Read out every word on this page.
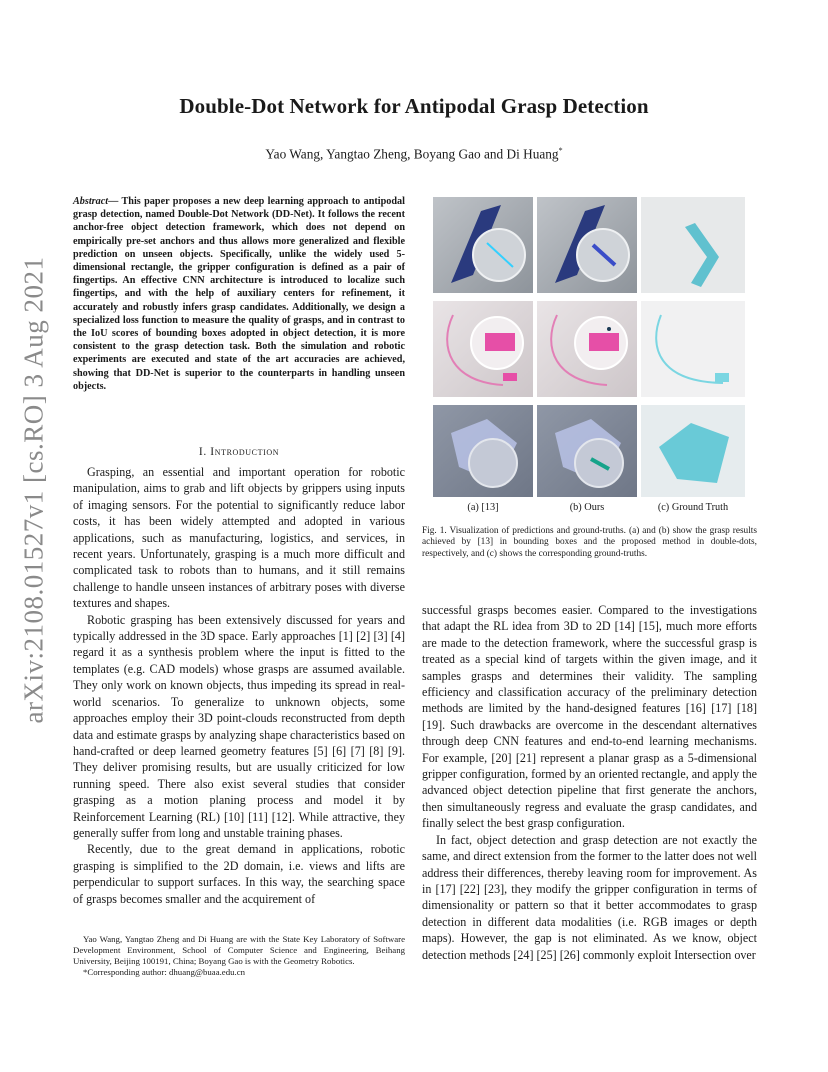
Double-Dot Network for Antipodal Grasp Detection
Yao Wang, Yangtao Zheng, Boyang Gao and Di Huang*
arXiv:2108.01527v1 [cs.RO] 3 Aug 2021
Abstract— This paper proposes a new deep learning approach to antipodal grasp detection, named Double-Dot Network (DD-Net). It follows the recent anchor-free object detection framework, which does not depend on empirically pre-set anchors and thus allows more generalized and flexible prediction on unseen objects. Specifically, unlike the widely used 5-dimensional rectangle, the gripper configuration is defined as a pair of fingertips. An effective CNN architecture is introduced to localize such fingertips, and with the help of auxiliary centers for refinement, it accurately and robustly infers grasp candidates. Additionally, we design a specialized loss function to measure the quality of grasps, and in contrast to the IoU scores of bounding boxes adopted in object detection, it is more consistent to the grasp detection task. Both the simulation and robotic experiments are executed and state of the art accuracies are achieved, showing that DD-Net is superior to the counterparts in handling unseen objects.
I. Introduction

Grasping, an essential and important operation for robotic manipulation, aims to grab and lift objects by grippers using inputs of imaging sensors. For the potential to significantly reduce labor costs, it has been widely attempted and adopted in various applications, such as manufacturing, logistics, and services, in recent years. Unfortunately, grasping is a much more difficult and complicated task to robots than to humans, and it still remains challenge to handle unseen instances of arbitrary poses with diverse textures and shapes.

Robotic grasping has been extensively discussed for years and typically addressed in the 3D space. Early approaches [1] [2] [3] [4] regard it as a synthesis problem where the input is fitted to the templates (e.g. CAD models) whose grasps are assumed available. They only work on known objects, thus impeding its spread in real-world scenarios. To generalize to unknown objects, some approaches employ their 3D point-clouds reconstructed from depth data and estimate grasps by analyzing shape characteristics based on hand-crafted or deep learned geometry features [5] [6] [7] [8] [9]. They deliver promising results, but are usually criticized for low running speed. There also exist several studies that consider grasping as a motion planing process and model it by Reinforcement Learning (RL) [10] [11] [12]. While attractive, they generally suffer from long and unstable training phases.

Recently, due to the great demand in applications, robotic grasping is simplified to the 2D domain, i.e. views and lifts are perpendicular to support surfaces. In this way, the searching space of grasps becomes smaller and the acquirement of

Yao Wang, Yangtao Zheng and Di Huang are with the State Key Laboratory of Software Development Environment, School of Computer Science and Engineering, Beihang University, Beijing 100191, China; Boyang Gao is with the Geometry Robotics.

*Corresponding author: dhuang@buaa.edu.cn

(a) [13]	(b) Ours	(c) Ground Truth
Fig. 1. Visualization of predictions and ground-truths. (a) and (b) show the grasp results achieved by [13] in bounding boxes and the proposed method in double-dots, respectively, and (c) shows the corresponding ground-truths.

successful grasps becomes easier. Compared to the investigations that adapt the RL idea from 3D to 2D [14] [15], much more efforts are made to the detection framework, where the successful grasp is treated as a special kind of targets within the given image, and it samples grasps and determines their validity. The sampling efficiency and classification accuracy of the preliminary detection methods are limited by the hand-designed features [16] [17] [18] [19]. Such drawbacks are overcome in the descendant alternatives through deep CNN features and end-to-end learning mechanisms. For example, [20] [21] represent a planar grasp as a 5-dimensional gripper configuration, formed by an oriented rectangle, and apply the advanced object detection pipeline that first generate the anchors, then simultaneously regress and evaluate the grasp candidates, and finally select the best grasp configuration.

In fact, object detection and grasp detection are not exactly the same, and direct extension from the former to the latter does not well address their differences, thereby leaving room for improvement. As in [17] [22] [23], they modify the gripper configuration in terms of dimensionality or pattern so that it better accommodates to grasp detection in different data modalities (i.e. RGB images or depth maps). However, the gap is not eliminated. As we know, object detection methods [24] [25] [26] commonly exploit Intersection over
